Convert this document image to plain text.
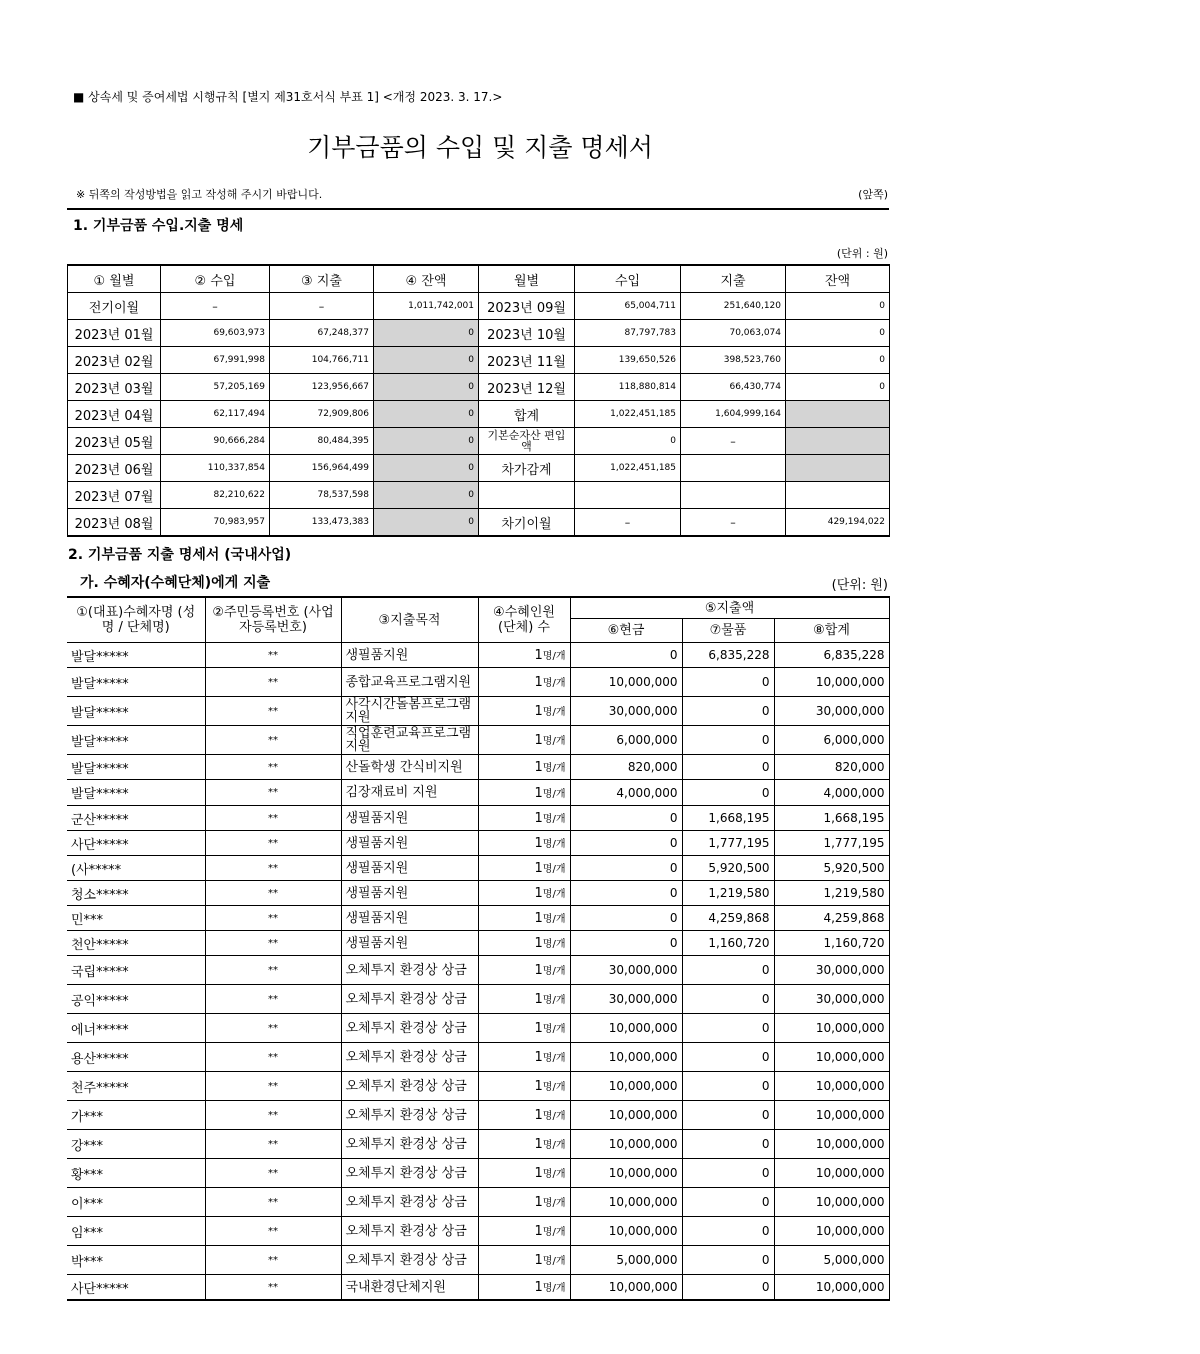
■ 상속세 및 증여세법 시행규칙 [별지 제31호서식 부표 1] <개정 2023. 3. 17.>
기부금품의 수입 및 지출 명세서
※ 뒤쪽의 작성방법을 읽고 작성해 주시기 바랍니다.	(앞쪽)
1. 기부금품 수입.지출 명세
(단위 : 원)
① 월별	② 수입	③ 지출	④ 잔액	월별	수입	지출	잔액
전기이월	–	–	1,011,742,001	2023년 09월	65,004,711	251,640,120	0
2023년 01월	69,603,973	67,248,377	0	2023년 10월	87,797,783	70,063,074	0
2023년 02월	67,991,998	104,766,711	0	2023년 11월	139,650,526	398,523,760	0
2023년 03월	57,205,169	123,956,667	0	2023년 12월	118,880,814	66,430,774	0
2023년 04월	62,117,494	72,909,806	0	합계	1,022,451,185	1,604,999,164	
2023년 05월	90,666,284	80,484,395	0	기본순자산 편입액	0	–	
2023년 06월	110,337,854	156,964,499	0	차가감계	1,022,451,185		
2023년 07월	82,210,622	78,537,598	0				
2023년 08월	70,983,957	133,473,383	0	차기이월	–	–	429,194,022
2. 기부금품 지출 명세서 (국내사업)
가. 수혜자(수혜단체)에게 지출	(단위: 원)
①(대표)수혜자명 (성명 / 단체명)	②주민등록번호 (사업자등록번호)	③지출목적	④수혜인원 (단체) 수	⑤지출액		
				⑥현금	⑦물품	⑧합계
발달*****	**	생필품지원	1명/개	0	6,835,228	6,835,228
발달*****	**	종합교육프로그램지원	1명/개	10,000,000	0	10,000,000
발달*****	**	사각시간돌봄프로그램지원	1명/개	30,000,000	0	30,000,000
발달*****	**	직업훈련교육프로그램지원	1명/개	6,000,000	0	6,000,000
발달*****	**	산돌학생 간식비지원	1명/개	820,000	0	820,000
발달*****	**	김장재료비 지원	1명/개	4,000,000	0	4,000,000
군산*****	**	생필품지원	1명/개	0	1,668,195	1,668,195
사단*****	**	생필품지원	1명/개	0	1,777,195	1,777,195
(사*****	**	생필품지원	1명/개	0	5,920,500	5,920,500
청소*****	**	생필품지원	1명/개	0	1,219,580	1,219,580
민***	**	생필품지원	1명/개	0	4,259,868	4,259,868
천안*****	**	생필품지원	1명/개	0	1,160,720	1,160,720
국립*****	**	오체투지 환경상 상금	1명/개	30,000,000	0	30,000,000
공익*****	**	오체투지 환경상 상금	1명/개	30,000,000	0	30,000,000
에너*****	**	오체투지 환경상 상금	1명/개	10,000,000	0	10,000,000
용산*****	**	오체투지 환경상 상금	1명/개	10,000,000	0	10,000,000
천주*****	**	오체투지 환경상 상금	1명/개	10,000,000	0	10,000,000
가***	**	오체투지 환경상 상금	1명/개	10,000,000	0	10,000,000
강***	**	오체투지 환경상 상금	1명/개	10,000,000	0	10,000,000
황***	**	오체투지 환경상 상금	1명/개	10,000,000	0	10,000,000
이***	**	오체투지 환경상 상금	1명/개	10,000,000	0	10,000,000
임***	**	오체투지 환경상 상금	1명/개	10,000,000	0	10,000,000
박***	**	오체투지 환경상 상금	1명/개	5,000,000	0	5,000,000
사단*****	**	국내환경단체지원	1명/개	10,000,000	0	10,000,000
